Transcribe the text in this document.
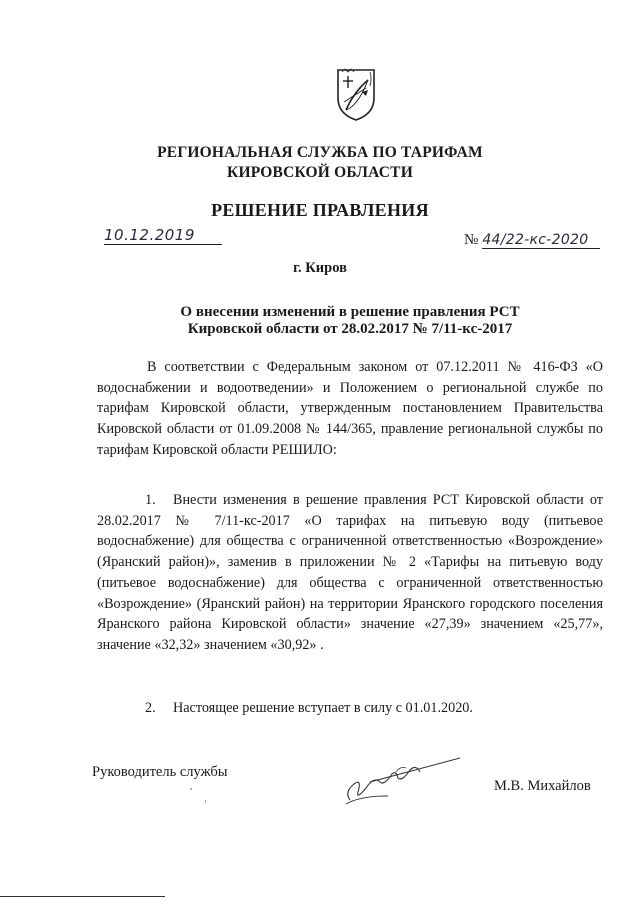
РЕГИОНАЛЬНАЯ СЛУЖБА ПО ТАРИФАМ
КИРОВСКОЙ ОБЛАСТИ
РЕШЕНИЕ ПРАВЛЕНИЯ
10.12.2019	№ 44/22-кс-2020
г. Киров
О внесении изменений в решение правления РСТ
Кировской области от 28.02.2017 № 7/11-кс-2017
В соответствии с Федеральным законом от 07.12.2011 № 416-ФЗ «О водоснабжении и водоотведении» и Положением о региональной службе по тарифам Кировской области, утвержденным постановлением Правительства Кировской области от 01.09.2008 № 144/365, правление региональной службы по тарифам Кировской области РЕШИЛО:
1. Внести изменения в решение правления РСТ Кировской области от 28.02.2017 № 7/11-кс-2017 «О тарифах на питьевую воду (питьевое водоснабжение) для общества с ограниченной ответственностью «Возрождение» (Яранский район)», заменив в приложении № 2 «Тарифы на питьевую воду (питьевое водоснабжение) для общества с ограниченной ответственностью «Возрождение» (Яранский район) на территории Яранского городского поселения Яранского района Кировской области» значение «27,39» значением «25,77», значение «32,32» значением «30,92» .
2. Настоящее решение вступает в силу с 01.01.2020.
Руководитель службы
М.В. Михайлов
